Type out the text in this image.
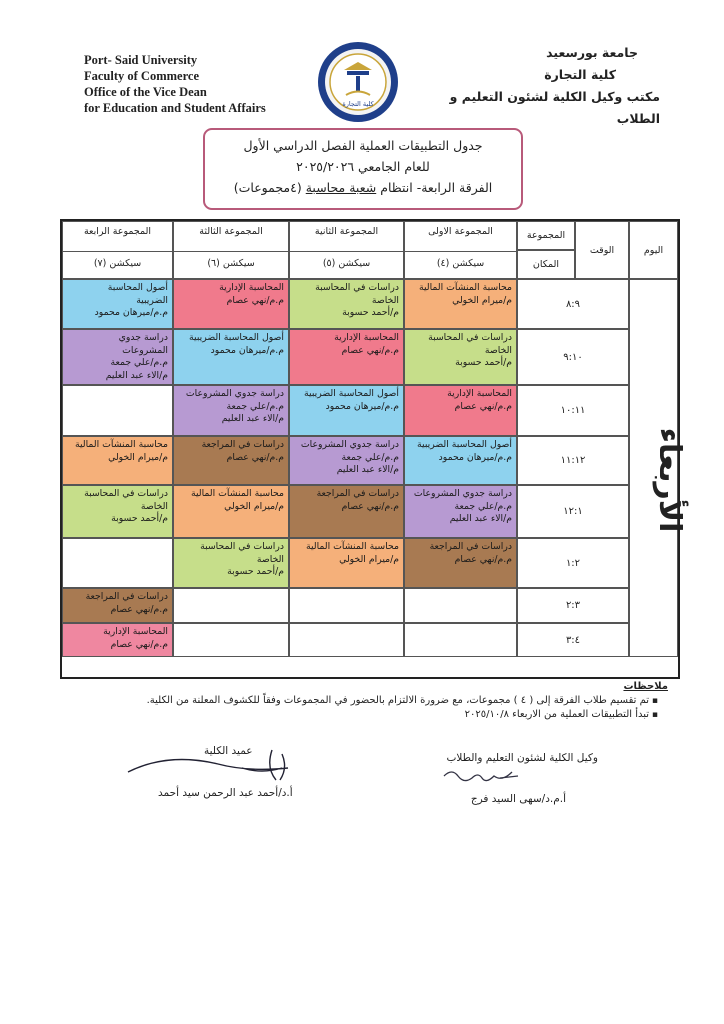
Port- Said University
Faculty of Commerce
Office of the Vice Dean
for Education and Student Affairs
جامعة بورسعيد
كلية التجارة
مكتب وكيل الكلية لشئون التعليم و الطلاب
كلية التجارة
جدول التطبيقات العملية الفصل الدراسي الأول
للعام الجامعي ٢٠٢٥/٢٠٢٦
الفرقة الرابعة- انتظام شعبة محاسبة (٤مجموعات)
المجموعة الاولى
سيكشن (٤)
المجموعة الثانية
سيكشن (٥)
المجموعة الثالثة
سيكشن (٦)
المجموعة الرابعة
سيكشن (٧)
المجموعة
المكان
الوقت	اليوم
٨:٩
٩:١٠
١٠:١١
١١:١٢
١٢:١
١:٢
٢:٣
٣:٤
الأربعاء
محاسبة المنشآت المالية
م/ميرام الخولي
دراسات في المحاسبة
الخاصة
م/أحمد حسوبة
المحاسبة الإدارية
م.م/نهي عصام
أصول المحاسبة
الضريبية
م.م/ميرهان محمود
دراسات في المحاسبة
الخاصة
م/أحمد حسوبة
المحاسبة الإدارية
م.م/نهي عصام
أصول المحاسبة الضريبية
م.م/ميرهان محمود
دراسة جدوي
المشروعات
م.م/علي جمعة
م/الاء عبد العليم
المحاسبة الإدارية
م.م/نهي عصام
أصول المحاسبة الضريبية
م.م/ميرهان محمود
دراسة جدوي المشروعات
م.م/علي جمعة
م/الاء عبد العليم
أصول المحاسبة الضريبية
م.م/ميرهان محمود
دراسة جدوي المشروعات
م.م/علي جمعة
م/الاء عبد العليم
دراسات في المراجعة
م.م/نهي عصام
محاسبة المنشآت المالية
م/ميرام الخولي
دراسة جدوي المشروعات
م.م/علي جمعة
م/الاء عبد العليم
دراسات في المراجعة
م.م/نهي عصام
محاسبة المنشآت المالية
م/ميرام الخولي
دراسات في المحاسبة
الخاصة
م/أحمد حسوبة
دراسات في المراجعة
م.م/نهي عصام
محاسبة المنشآت المالية
م/ميرام الخولي
دراسات في المحاسبة
الخاصة
م/أحمد حسوبة
دراسات في المراجعة
م.م/نهي عصام
المحاسبة الإدارية
م.م/نهي عصام
ملاحظات
▪ تم تقسيم طلاب الفرقة إلى ( ٤ ) مجموعات، مع ضرورة الالتزام بالحضور في المجموعات وفقاً للكشوف المعلنة من الكلية.
▪ تبدأ التطبيقات العملية من الاربعاء ٢٠٢٥/١٠/٨
وكيل الكلية لشئون التعليم والطلاب
أ.م.د/سهى السيد فرج
عميد الكلية
أ.د/أحمد عبد الرحمن سيد أحمد
